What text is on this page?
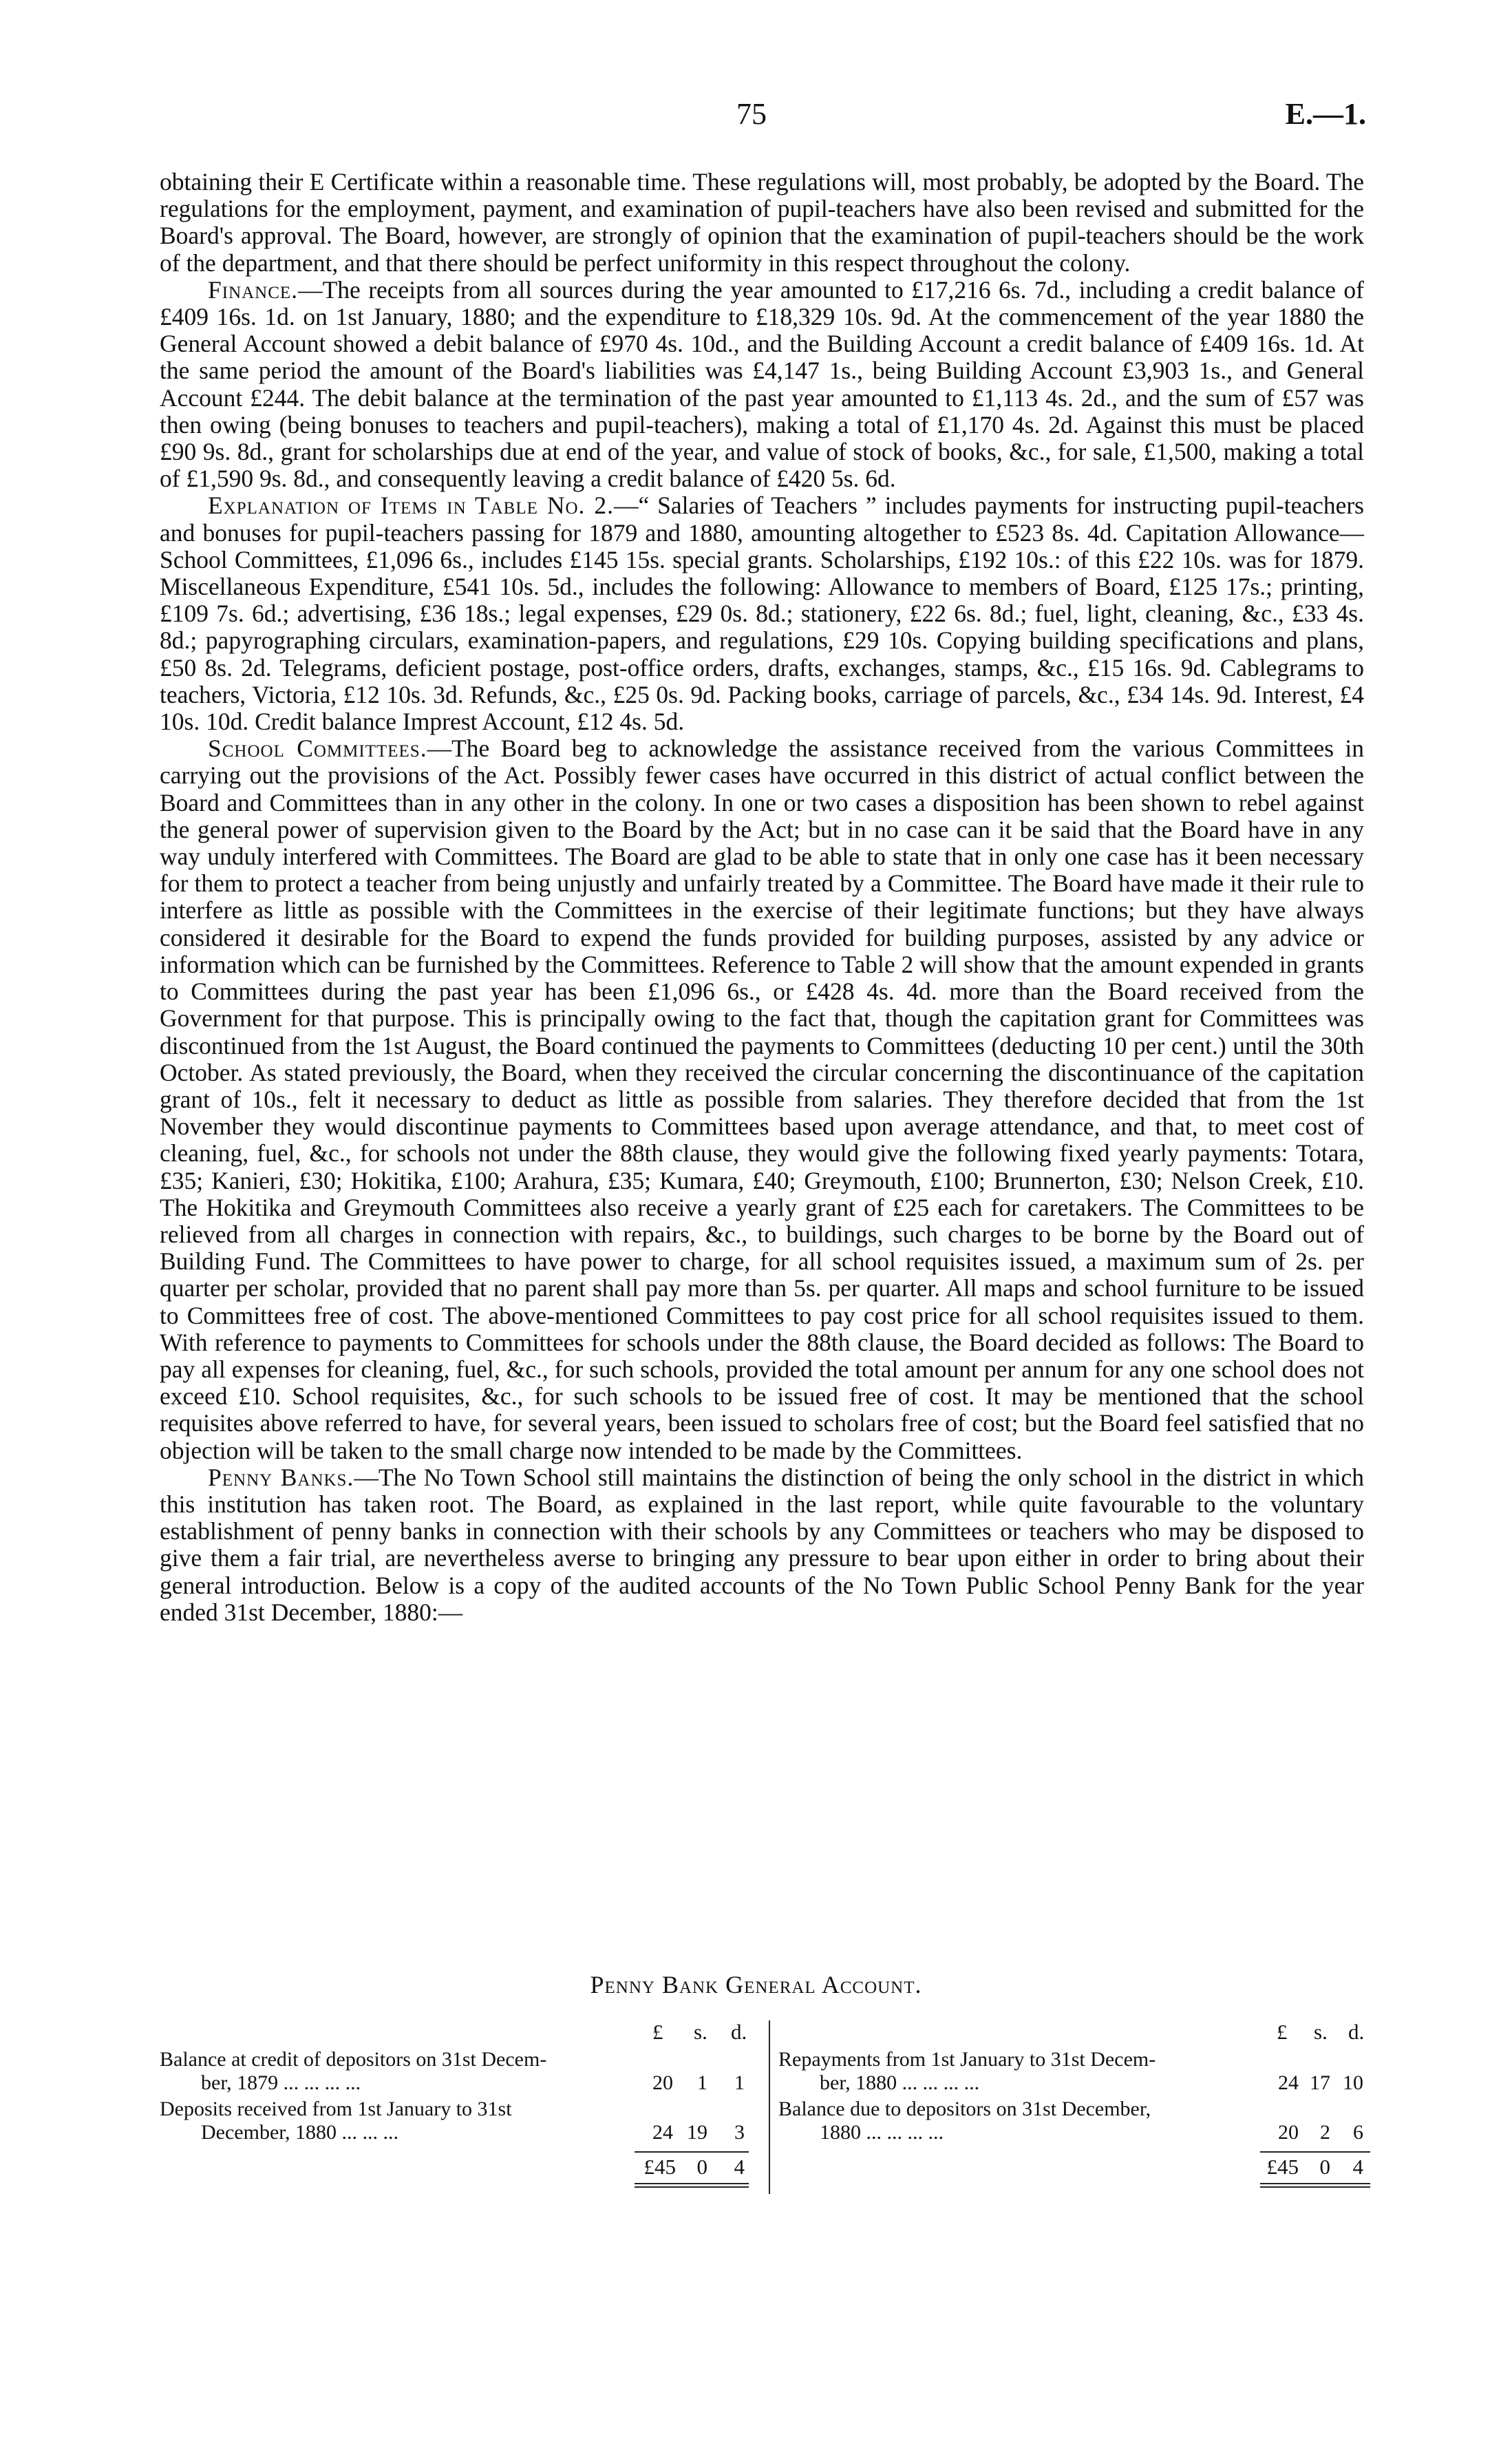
75	E.—1.

obtaining their E Certificate within a reasonable time. These regulations will, most probably, be adopted by the Board. The regulations for the employment, payment, and examination of pupil-teachers have also been revised and submitted for the Board's approval. The Board, however, are strongly of opinion that the examination of pupil-teachers should be the work of the department, and that there should be perfect uniformity in this respect throughout the colony.

Finance.—The receipts from all sources during the year amounted to £17,216 6s. 7d., including a credit balance of £409 16s. 1d. on 1st January, 1880; and the expenditure to £18,329 10s. 9d. At the commencement of the year 1880 the General Account showed a debit balance of £970 4s. 10d., and the Building Account a credit balance of £409 16s. 1d. At the same period the amount of the Board's liabilities was £4,147 1s., being Building Account £3,903 1s., and General Account £244. The debit balance at the termination of the past year amounted to £1,113 4s. 2d., and the sum of £57 was then owing (being bonuses to teachers and pupil-teachers), making a total of £1,170 4s. 2d. Against this must be placed £90 9s. 8d., grant for scholarships due at end of the year, and value of stock of books, &c., for sale, £1,500, making a total of £1,590 9s. 8d., and consequently leaving a credit balance of £420 5s. 6d.

Explanation of Items in Table No. 2.—“ Salaries of Teachers ” includes payments for instructing pupil-teachers and bonuses for pupil-teachers passing for 1879 and 1880, amounting altogether to £523 8s. 4d. Capitation Allowance—School Committees, £1,096 6s., includes £145 15s. special grants. Scholarships, £192 10s.: of this £22 10s. was for 1879. Miscellaneous Expenditure, £541 10s. 5d., includes the following: Allowance to members of Board, £125 17s.; printing, £109 7s. 6d.; advertising, £36 18s.; legal expenses, £29 0s. 8d.; stationery, £22 6s. 8d.; fuel, light, cleaning, &c., £33 4s. 8d.; papyrographing circulars, examination-papers, and regulations, £29 10s. Copying building specifications and plans, £50 8s. 2d. Telegrams, deficient postage, post-office orders, drafts, exchanges, stamps, &c., £15 16s. 9d. Cablegrams to teachers, Victoria, £12 10s. 3d. Refunds, &c., £25 0s. 9d. Packing books, carriage of parcels, &c., £34 14s. 9d. Interest, £4 10s. 10d. Credit balance Imprest Account, £12 4s. 5d.

School Committees.—The Board beg to acknowledge the assistance received from the various Committees in carrying out the provisions of the Act. Possibly fewer cases have occurred in this district of actual conflict between the Board and Committees than in any other in the colony. In one or two cases a disposition has been shown to rebel against the general power of supervision given to the Board by the Act; but in no case can it be said that the Board have in any way unduly interfered with Committees. The Board are glad to be able to state that in only one case has it been necessary for them to protect a teacher from being unjustly and unfairly treated by a Committee. The Board have made it their rule to interfere as little as possible with the Committees in the exercise of their legitimate functions; but they have always considered it desirable for the Board to expend the funds provided for building purposes, assisted by any advice or information which can be furnished by the Committees. Reference to Table 2 will show that the amount expended in grants to Committees during the past year has been £1,096 6s., or £428 4s. 4d. more than the Board received from the Government for that purpose. This is principally owing to the fact that, though the capitation grant for Committees was discontinued from the 1st August, the Board continued the payments to Committees (deducting 10 per cent.) until the 30th October. As stated previously, the Board, when they received the circular concerning the discontinuance of the capitation grant of 10s., felt it necessary to deduct as little as possible from salaries. They therefore decided that from the 1st November they would discontinue payments to Committees based upon average attendance, and that, to meet cost of cleaning, fuel, &c., for schools not under the 88th clause, they would give the following fixed yearly payments: Totara, £35; Kanieri, £30; Hokitika, £100; Arahura, £35; Kumara, £40; Greymouth, £100; Brunnerton, £30; Nelson Creek, £10. The Hokitika and Greymouth Committees also receive a yearly grant of £25 each for caretakers. The Committees to be relieved from all charges in connection with repairs, &c., to buildings, such charges to be borne by the Board out of Building Fund. The Committees to have power to charge, for all school requisites issued, a maximum sum of 2s. per quarter per scholar, provided that no parent shall pay more than 5s. per quarter. All maps and school furniture to be issued to Committees free of cost. The above-mentioned Committees to pay cost price for all school requisites issued to them. With reference to payments to Committees for schools under the 88th clause, the Board decided as follows: The Board to pay all expenses for cleaning, fuel, &c., for such schools, provided the total amount per annum for any one school does not exceed £10. School requisites, &c., for such schools to be issued free of cost. It may be mentioned that the school requisites above referred to have, for several years, been issued to scholars free of cost; but the Board feel satisfied that no objection will be taken to the small charge now intended to be made by the Committees.

Penny Banks.—The No Town School still maintains the distinction of being the only school in the district in which this institution has taken root. The Board, as explained in the last report, while quite favourable to the voluntary establishment of penny banks in connection with their schools by any Committees or teachers who may be disposed to give them a fair trial, are nevertheless averse to bringing any pressure to bear upon either in order to bring about their general introduction. Below is a copy of the audited accounts of the No Town Public School Penny Bank for the year ended 31st December, 1880:—

Penny Bank General Account.
£ s. d.
Balance at credit of depositors on 31st Decem-
ber, 1879 ... ... ... ...	20	1	1
Deposits received from 1st January to 31st
December, 1880 ... ... ...	24 19	3
£45 0	4
£ s. d.
Repayments from 1st January to 31st Decem-
ber, 1880 ... ... ... ...	24 17 10
Balance due to depositors on 31st December,
1880 ... ... ... ...	20	2	6
£45 0	4
